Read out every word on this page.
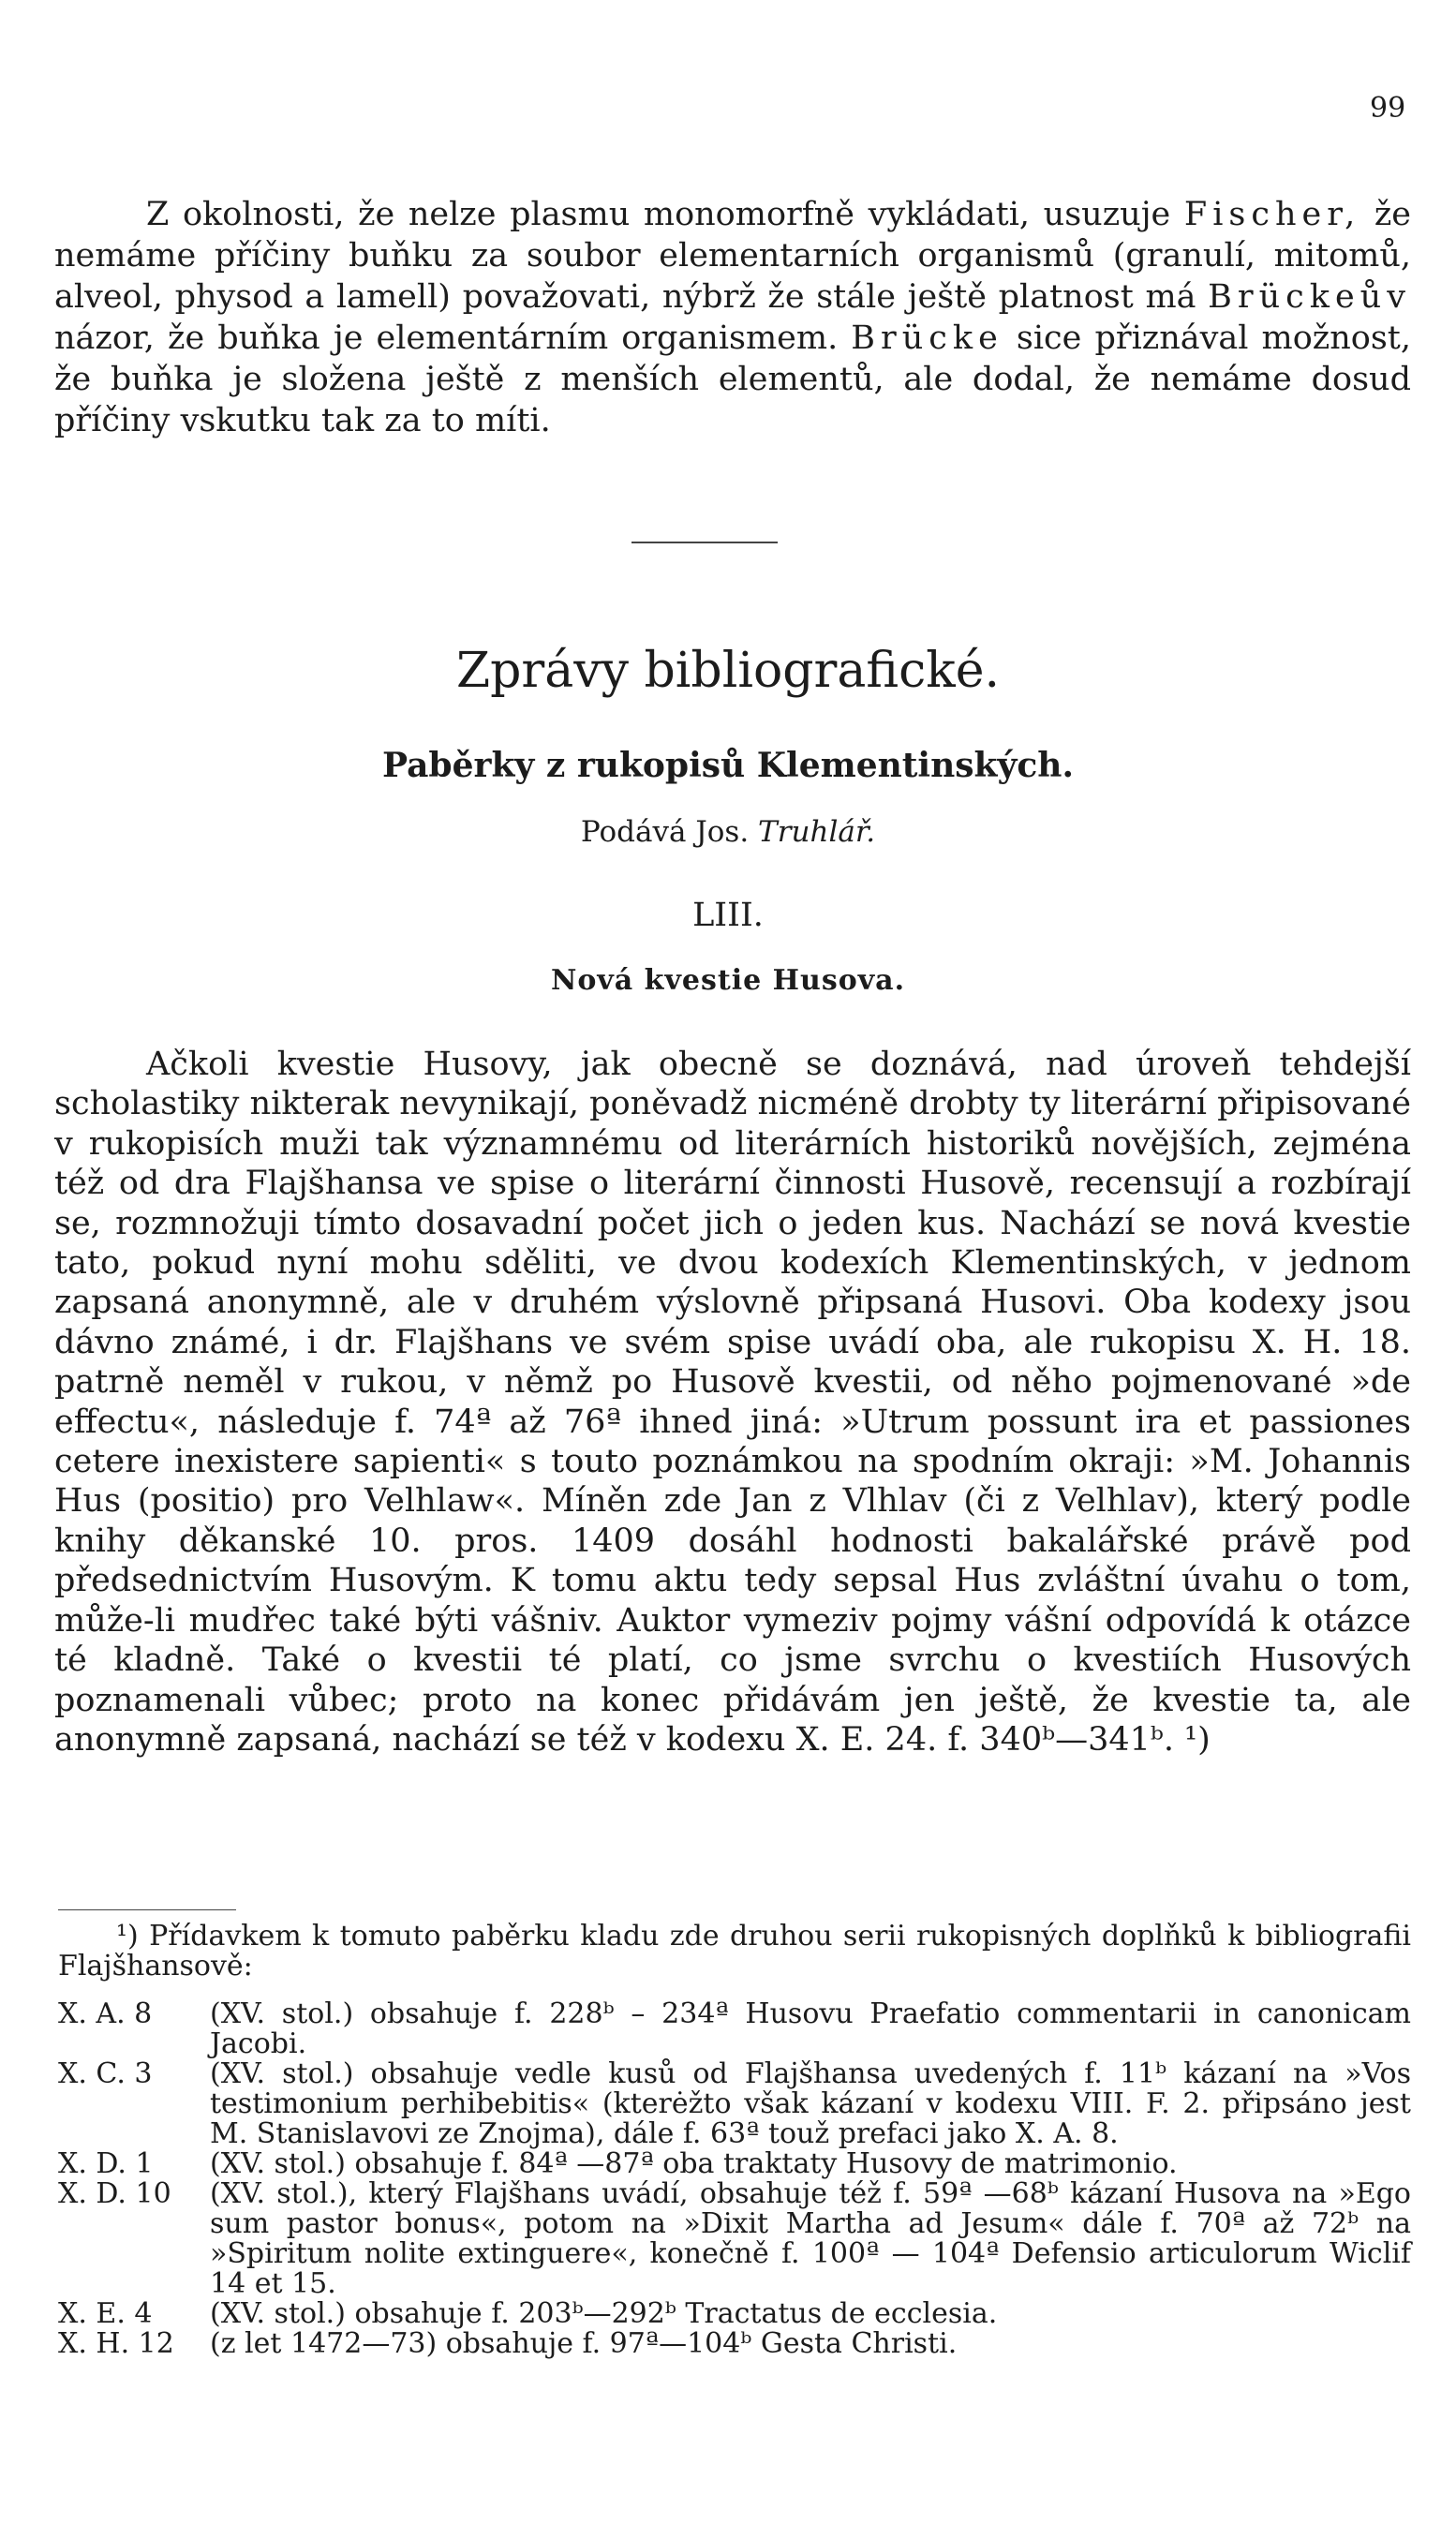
99

Z okolnosti, že nelze plasmu monomorfně vykládati, usuzuje Fischer, že nemáme příčiny buňku za soubor elementarních organismů (granulí, mitomů, alveol, physod a lamell) považovati, nýbrž že stále ještě platnost má Brückeův názor, že buňka je elementárním organismem. Brücke sice přiznával možnost, že buňka je složena ještě z menších elementů, ale dodal, že nemáme dosud příčiny vskutku tak za to míti.

Zprávy bibliografické.
Paběrky z rukopisů Klementinských.
Podává Jos. Truhlář.
LIII.
Nová kvestie Husova.

Ačkoli kvestie Husovy, jak obecně se doznává, nad úroveň tehdejší scholastiky nikterak nevynikají, poněvadž nicméně drobty ty literární připisované v rukopisích muži tak významnému od literárních historiků novějších, zejména též od dra Flajšhansa ve spise o literární činnosti Husově, recensují a rozbírají se, rozmnožuji tímto dosavadní počet jich o jeden kus. Nachází se nová kvestie tato, pokud nyní mohu sděliti, ve dvou kodexích Klementinských, v jednom zapsaná anonymně, ale v druhém výslovně připsaná Husovi. Oba kodexy jsou dávno známé, i dr. Flajšhans ve svém spise uvádí oba, ale rukopisu X. H. 18. patrně neměl v rukou, v němž po Husově kvestii, od něho pojmenované »de effectu«, následuje f. 74ª až 76ª ihned jiná: »Utrum possunt ira et passiones cetere inexistere sapienti« s touto poznámkou na spodním okraji: »M. Johannis Hus (positio) pro Velhlaw«. Míněn zde Jan z Vlhlav (či z Velhlav), který podle knihy děkanské 10. pros. 1409 dosáhl hodnosti bakalářské právě pod předsednictvím Husovým. K tomu aktu tedy sepsal Hus zvláštní úvahu o tom, může-li mudřec také býti vášniv. Auktor vymeziv pojmy vášní odpovídá k otázce té kladně. Také o kvestii té platí, co jsme svrchu o kvestiích Husových poznamenali vůbec; proto na konec přidávám jen ještě, že kvestie ta, ale anonymně zapsaná, nachází se též v kodexu X. E. 24. f. 340ᵇ—341ᵇ. ¹)

¹) Přídavkem k tomuto paběrku kladu zde druhou serii rukopisných doplňků k bibliografii Flajšhansově:

X. A. 8	(XV. stol.) obsahuje f. 228ᵇ – 234ª Husovu Praefatio commentarii in canonicam Jacobi.
X. C. 3	(XV. stol.) obsahuje vedle kusů od Flajšhansa uvedených f. 11ᵇ kázaní na »Vos testimonium perhibebitis« (kterėžto však kázaní v kodexu VIII. F. 2. připsáno jest M. Stanislavovi ze Znojma), dále f. 63ª touž prefaci jako X. A. 8.
X. D. 1	(XV. stol.) obsahuje f. 84ª —87ª oba traktaty Husovy de matrimonio.
X. D. 10	(XV. stol.), který Flajšhans uvádí, obsahuje též f. 59ª —68ᵇ kázaní Husova na »Ego sum pastor bonus«, potom na »Dixit Martha ad Jesum« dále f. 70ª až 72ᵇ na »Spiritum nolite extinguere«, konečně f. 100ª — 104ª Defensio articulorum Wiclif 14 et 15.
X. E. 4	(XV. stol.) obsahuje f. 203ᵇ—292ᵇ Tractatus de ecclesia.
X. H. 12	(z let 1472—73) obsahuje f. 97ª—104ᵇ Gesta Christi.
